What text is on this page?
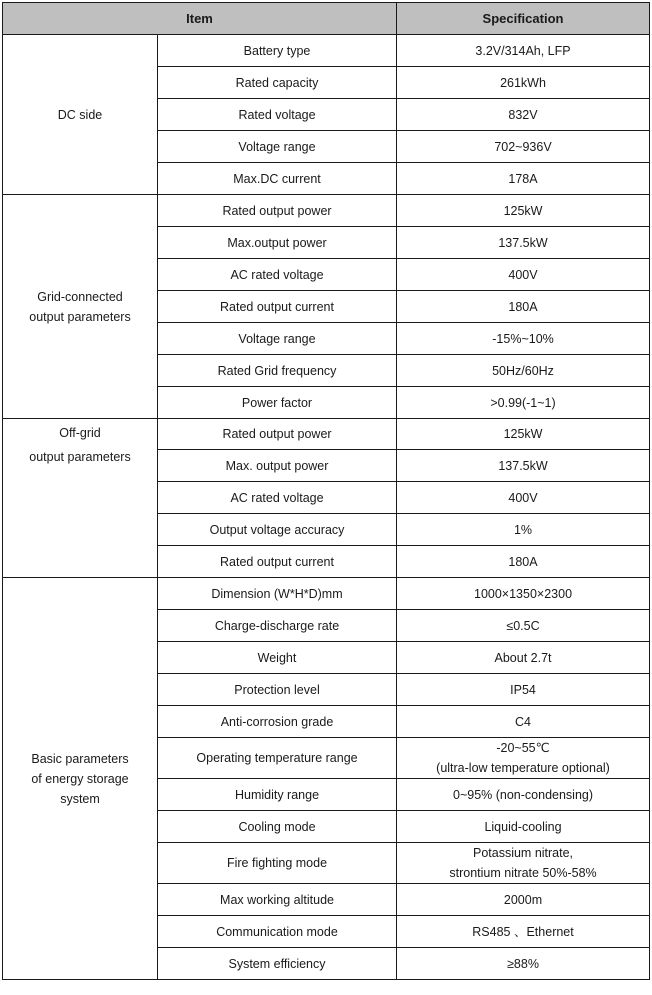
Item		Specification

DC side	Battery type	3.2V/314Ah, LFP

	Rated capacity	261kWh

	Rated voltage	832V

	Voltage range	702~936V

	Max.DC current	178A

Grid-connected
output parameters	Rated output power	125kW

	Max.output power	137.5kW

	AC rated voltage	400V

	Rated output current	180A

	Voltage range	-15%~10%

	Rated Grid frequency	50Hz/60Hz

	Power factor	>0.99(-1~1)

Off-grid
output parameters	Rated output power	125kW

	Max. output power	137.5kW

	AC rated voltage	400V

	Output voltage accuracy	1%

	Rated output current	180A

Basic parameters
of energy storage
system	Dimension (W*H*D)mm	1000×1350×2300

	Charge-discharge rate	≤0.5C

	Weight	About 2.7t

	Protection level	IP54

	Anti-corrosion grade	C4

	Operating temperature range	-20~55℃
(ultra-low temperature optional)

	Humidity range	0~95% (non-condensing)

	Cooling mode	Liquid-cooling

	Fire fighting mode	Potassium nitrate,
strontium nitrate 50%-58%

	Max working altitude	2000m

	Communication mode	RS485 、Ethernet

	System efficiency	≥88%
